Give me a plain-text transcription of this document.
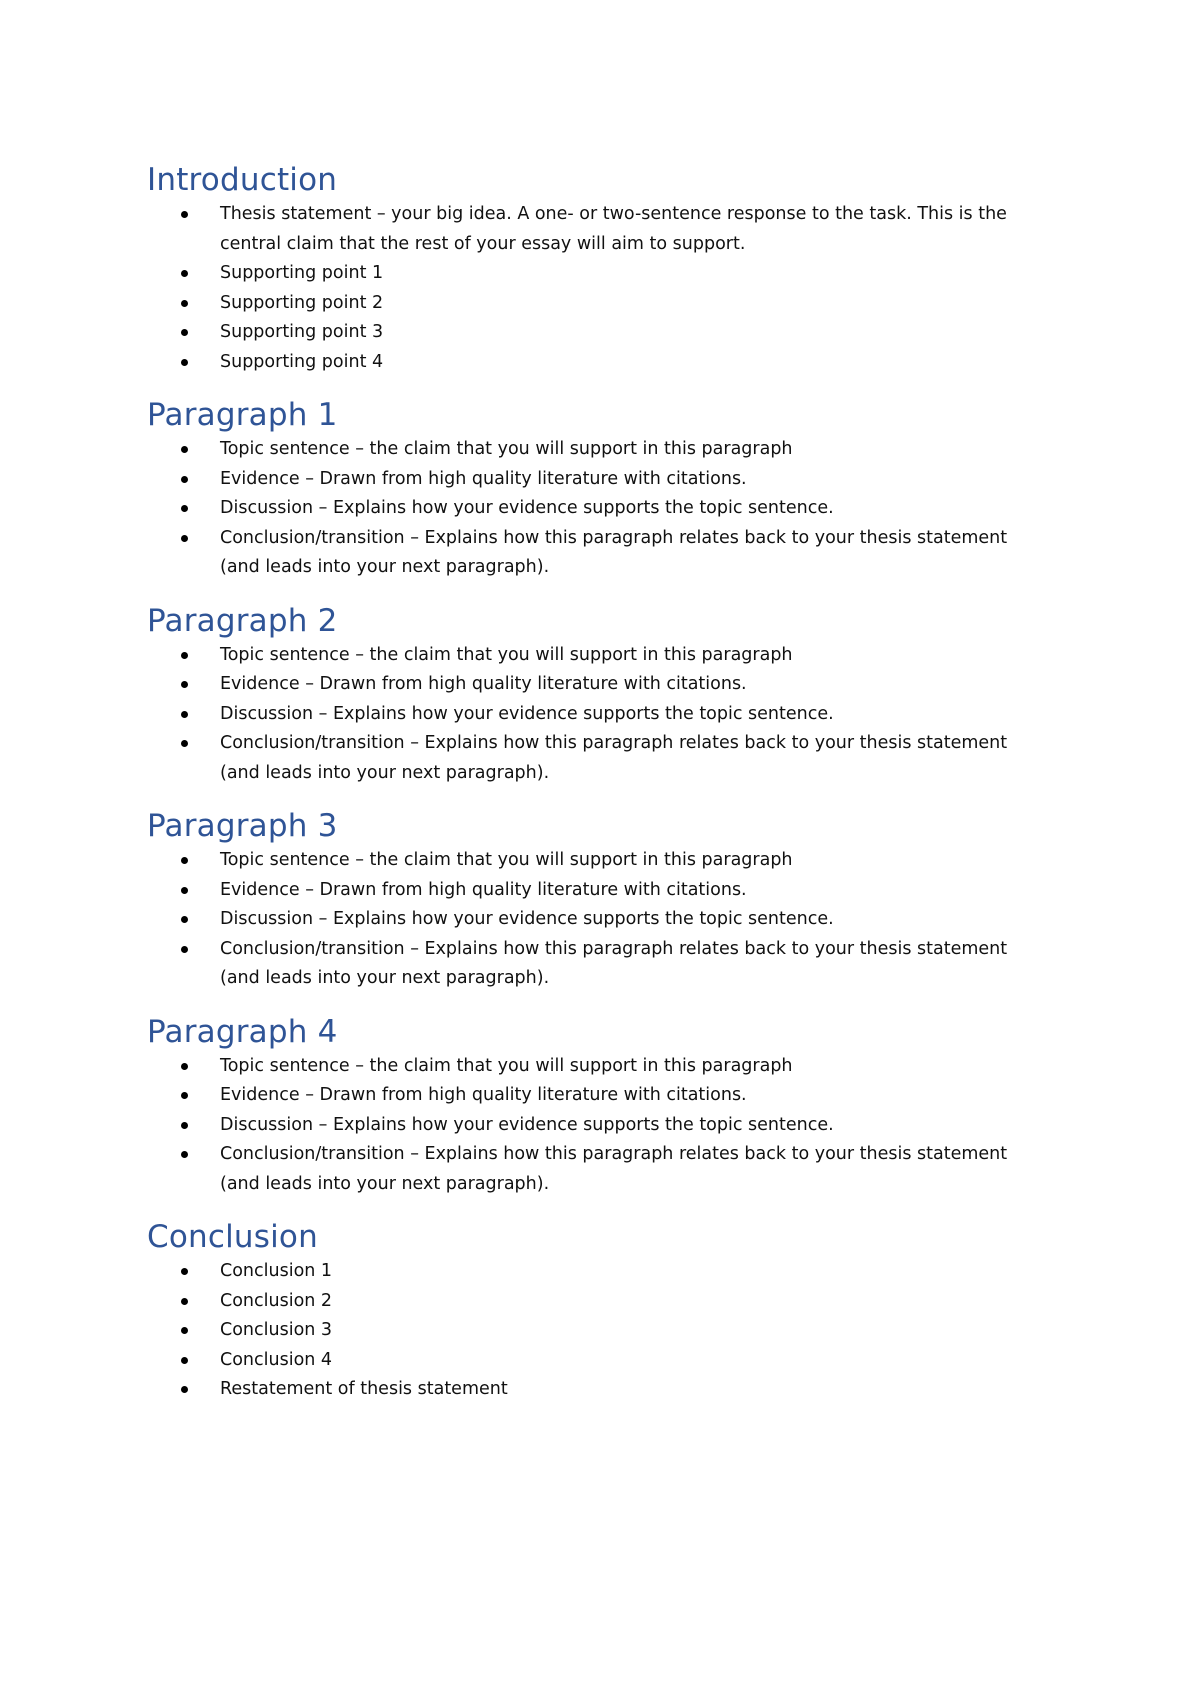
Introduction
Thesis statement – your big idea. A one- or two-sentence response to the task. This is the central claim that the rest of your essay will aim to support.
Supporting point 1
Supporting point 2
Supporting point 3
Supporting point 4
Paragraph 1
Topic sentence – the claim that you will support in this paragraph
Evidence – Drawn from high quality literature with citations.
Discussion – Explains how your evidence supports the topic sentence.
Conclusion/transition – Explains how this paragraph relates back to your thesis statement (and leads into your next paragraph).
Paragraph 2
Topic sentence – the claim that you will support in this paragraph
Evidence – Drawn from high quality literature with citations.
Discussion – Explains how your evidence supports the topic sentence.
Conclusion/transition – Explains how this paragraph relates back to your thesis statement (and leads into your next paragraph).
Paragraph 3
Topic sentence – the claim that you will support in this paragraph
Evidence – Drawn from high quality literature with citations.
Discussion – Explains how your evidence supports the topic sentence.
Conclusion/transition – Explains how this paragraph relates back to your thesis statement (and leads into your next paragraph).
Paragraph 4
Topic sentence – the claim that you will support in this paragraph
Evidence – Drawn from high quality literature with citations.
Discussion – Explains how your evidence supports the topic sentence.
Conclusion/transition – Explains how this paragraph relates back to your thesis statement (and leads into your next paragraph).
Conclusion
Conclusion 1
Conclusion 2
Conclusion 3
Conclusion 4
Restatement of thesis statement
